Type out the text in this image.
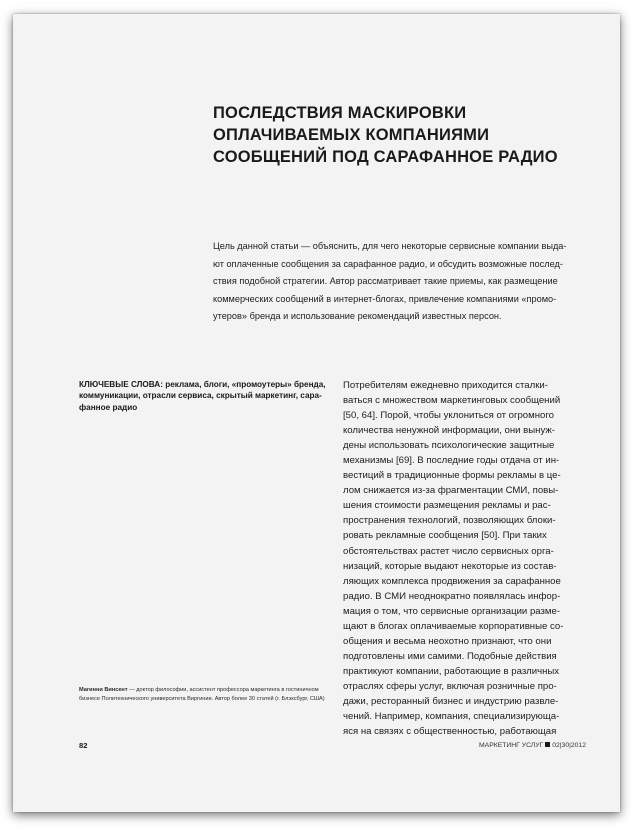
ПОСЛЕДСТВИЯ МАСКИРОВКИ
ОПЛАЧИВАЕМЫХ КОМПАНИЯМИ
СООБЩЕНИЙ ПОД САРАФАННОЕ РАДИО

Цель данной статьи — объяснить, для чего некоторые сервисные компании выда-
ют оплаченные сообщения за сарафанное радио, и обсудить возможные послед-
ствия подобной стратегии. Автор рассматривает такие приемы, как размещение
коммерческих сообщений в интернет-блогах, привлечение компаниями «промо-
утеров» бренда и использование рекомендаций известных персон.

КЛЮЧЕВЫЕ СЛОВА: реклама, блоги, «промоутеры» бренда,
коммуникации, отрасли сервиса, скрытый маркетинг, сара-
фанное радио
Потребителям ежедневно приходится сталки-
ваться с множеством маркетинговых сообщений
[50, 64]. Порой, чтобы уклониться от огромного
количества ненужной информации, они вынуж-
дены использовать психологические защитные
механизмы [69]. В последние годы отдача от ин-
вестиций в традиционные формы рекламы в це-
лом снижается из-за фрагментации СМИ, повы-
шения стоимости размещения рекламы и рас-
пространения технологий, позволяющих блоки-
ровать рекламные сообщения [50]. При таких
обстоятельствах растет число сервисных орга-
низаций, которые выдают некоторые из состав-
ляющих комплекса продвижения за сарафанное
радио. В СМИ неоднократно появлялась инфор-
мация о том, что сервисные организации разме-
щают в блогах оплачиваемые корпоративные со-
общения и весьма неохотно признают, что они
подготовлены ими самими. Подобные действия
практикуют компании, работающие в различных
отраслях сферы услуг, включая розничные про-
дажи, ресторанный бизнес и индустрию развле-
чений. Например, компания, специализирующа-
яся на связях с общественностью, работающая
Магинни Винсент — доктор философии, ассистент профессора маркетинга в гостиничном
бизнесе Политехнического университета Виргинии. Автор более 30 статей (г. Блэксбург, США)
82	МАРКЕТИНГ УСЛУГ 02|30|2012
